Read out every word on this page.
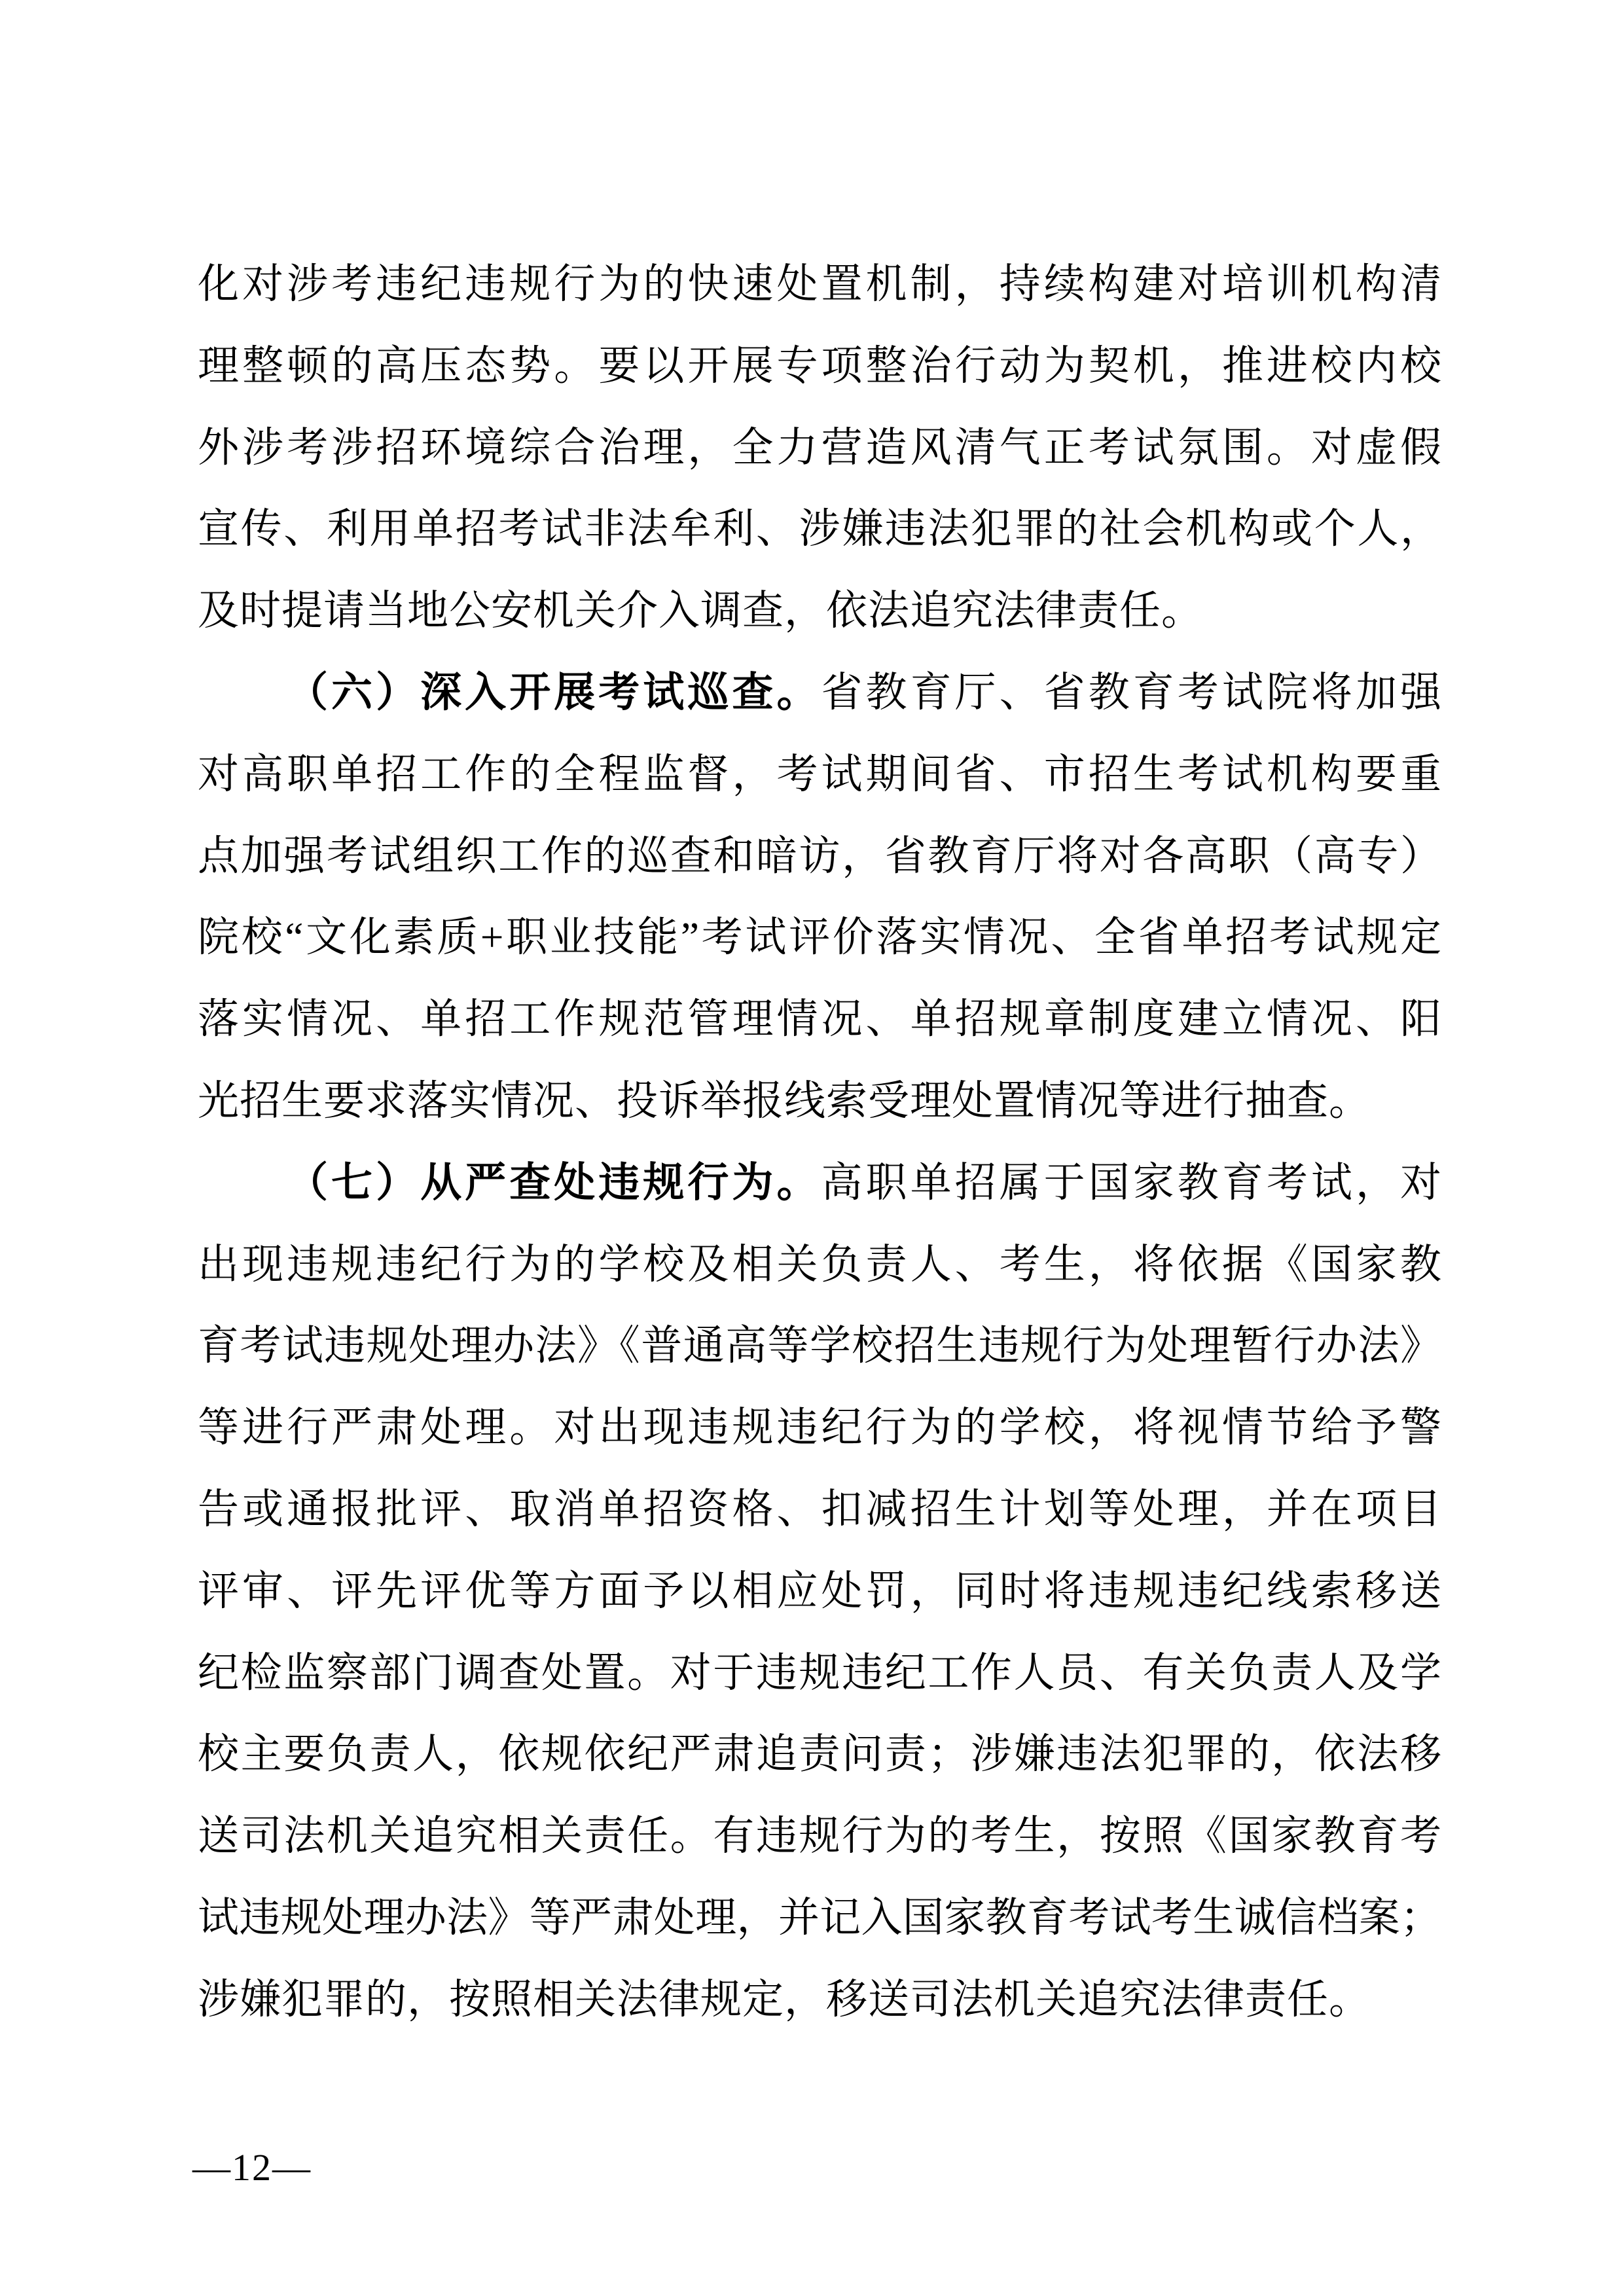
化对涉考违纪违规行为的快速处置机制，持续构建对培训机构清
理整顿的高压态势。要以开展专项整治行动为契机，推进校内校
外涉考涉招环境综合治理，全力营造风清气正考试氛围。对虚假
宣传、利用单招考试非法牟利、涉嫌违法犯罪的社会机构或个人，
及时提请当地公安机关介入调查，依法追究法律责任。
（六）深入开展考试巡查。省教育厅、省教育考试院将加强
对高职单招工作的全程监督，考试期间省、市招生考试机构要重
点加强考试组织工作的巡查和暗访，省教育厅将对各高职（高专）
院校“文化素质+职业技能”考试评价落实情况、全省单招考试规定
落实情况、单招工作规范管理情况、单招规章制度建立情况、阳
光招生要求落实情况、投诉举报线索受理处置情况等进行抽查。
（七）从严查处违规行为。高职单招属于国家教育考试，对
出现违规违纪行为的学校及相关负责人、考生，将依据《国家教
育考试违规处理办法》《普通高等学校招生违规行为处理暂行办法》
等进行严肃处理。对出现违规违纪行为的学校，将视情节给予警
告或通报批评、取消单招资格、扣减招生计划等处理，并在项目
评审、评先评优等方面予以相应处罚，同时将违规违纪线索移送
纪检监察部门调查处置。对于违规违纪工作人员、有关负责人及学
校主要负责人，依规依纪严肃追责问责；涉嫌违法犯罪的，依法移
送司法机关追究相关责任。有违规行为的考生，按照《国家教育考
试违规处理办法》等严肃处理，并记入国家教育考试考生诚信档案；
涉嫌犯罪的，按照相关法律规定，移送司法机关追究法律责任。
—12—
